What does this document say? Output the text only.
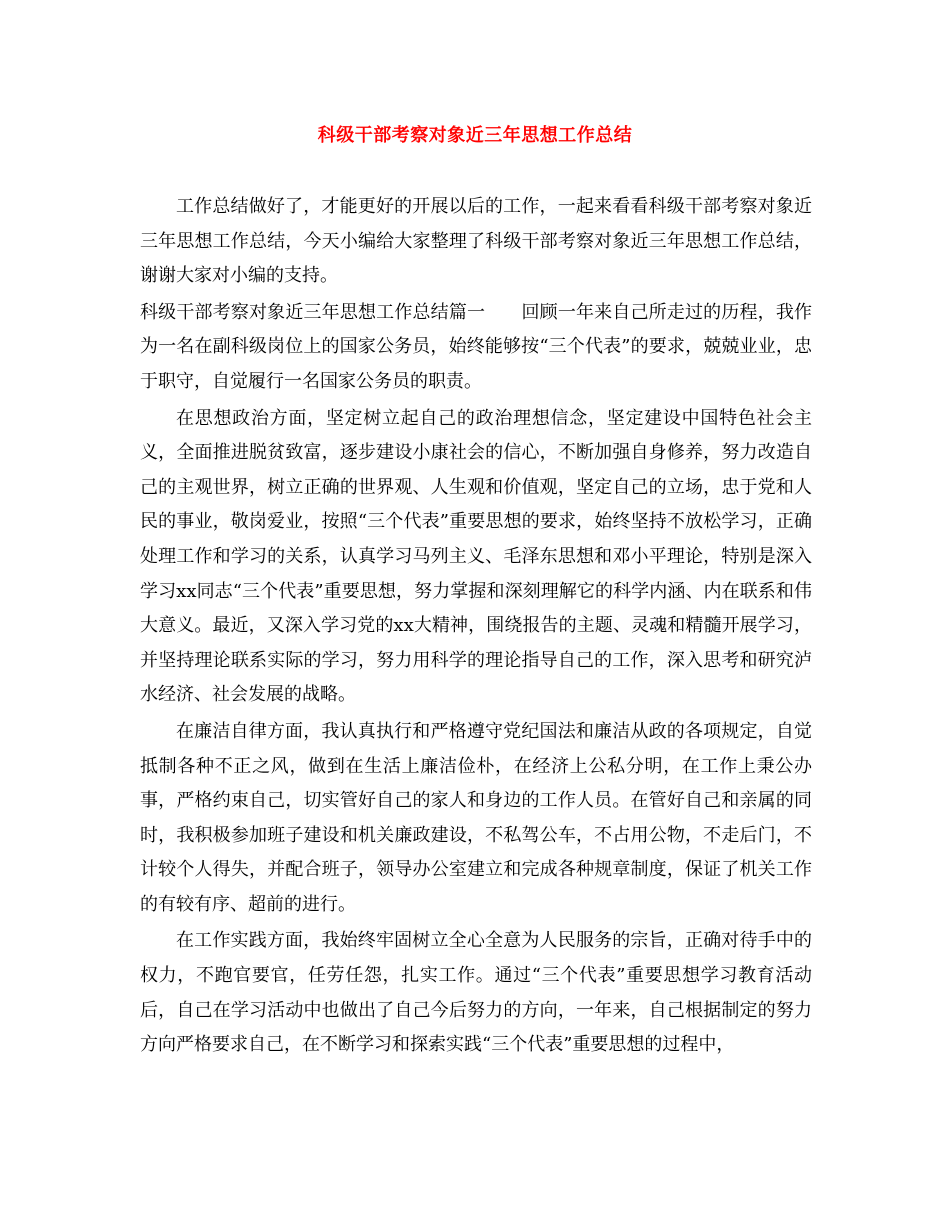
科级干部考察对象近三年思想工作总结

工作总结做好了，才能更好的开展以后的工作，一起来看看科级干部考察对象近三年思想工作总结，今天小编给大家整理了科级干部考察对象近三年思想工作总结，谢谢大家对小编的支持。

科级干部考察对象近三年思想工作总结篇一　　回顾一年来自己所走过的历程，我作为一名在副科级岗位上的国家公务员，始终能够按“三个代表”的要求，兢兢业业，忠于职守，自觉履行一名国家公务员的职责。

在思想政治方面，坚定树立起自己的政治理想信念，坚定建设中国特色社会主义，全面推进脱贫致富，逐步建设小康社会的信心，不断加强自身修养，努力改造自己的主观世界，树立正确的世界观、人生观和价值观，坚定自己的立场，忠于党和人民的事业，敬岗爱业，按照“三个代表”重要思想的要求，始终坚持不放松学习，正确处理工作和学习的关系，认真学习马列主义、毛泽东思想和邓小平理论，特别是深入学习xx同志“三个代表”重要思想，努力掌握和深刻理解它的科学内涵、内在联系和伟大意义。最近，又深入学习党的xx大精神，围绕报告的主题、灵魂和精髓开展学习，并坚持理论联系实际的学习，努力用科学的理论指导自己的工作，深入思考和研究泸水经济、社会发展的战略。

在廉洁自律方面，我认真执行和严格遵守党纪国法和廉洁从政的各项规定，自觉抵制各种不正之风，做到在生活上廉洁俭朴，在经济上公私分明，在工作上秉公办事，严格约束自己，切实管好自己的家人和身边的工作人员。在管好自己和亲属的同时，我积极参加班子建设和机关廉政建设，不私驾公车，不占用公物，不走后门，不计较个人得失，并配合班子，领导办公室建立和完成各种规章制度，保证了机关工作的有较有序、超前的进行。

在工作实践方面，我始终牢固树立全心全意为人民服务的宗旨，正确对待手中的权力，不跑官要官，任劳任怨，扎实工作。通过“三个代表”重要思想学习教育活动后，自己在学习活动中也做出了自己今后努力的方向，一年来，自己根据制定的努力方向严格要求自己，在不断学习和探索实践“三个代表”重要思想的过程中，
